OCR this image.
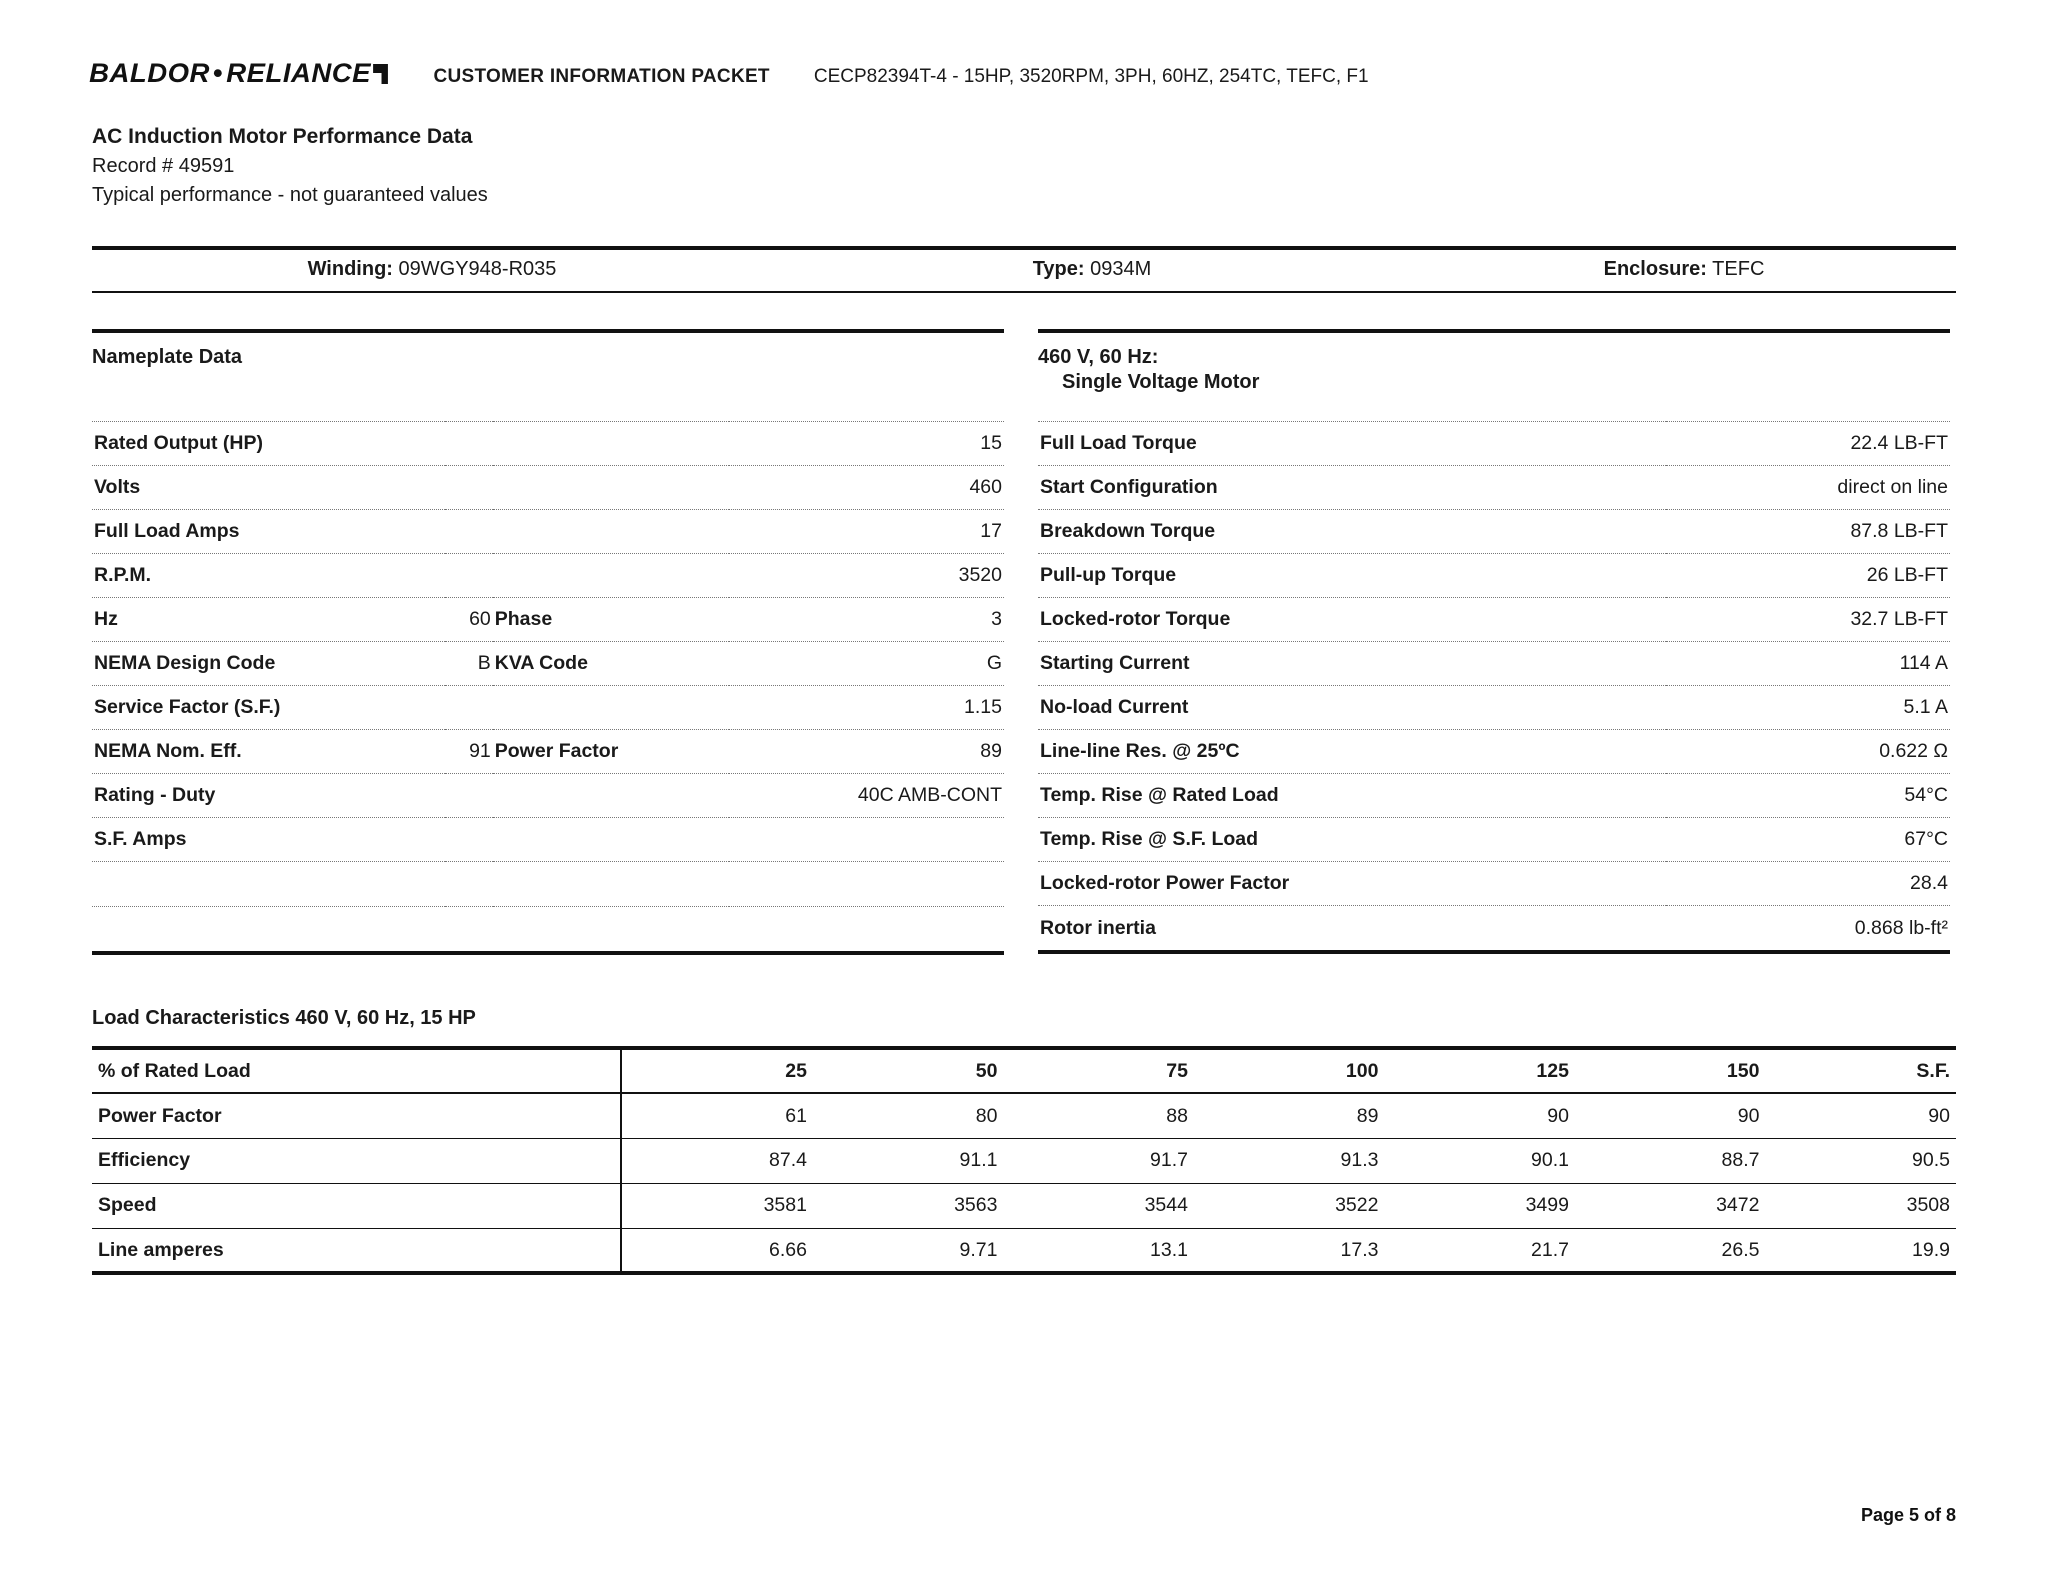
BALDOR • RELIANCE	CUSTOMER INFORMATION PACKET CECP82394T-4 - 15HP, 3520RPM, 3PH, 60HZ, 254TC, TEFC, F1
AC Induction Motor Performance Data
Record # 49591
Typical performance - not guaranteed values
Winding: 09WGY948-R035	Type: 0934M	Enclosure: TEFC
Nameplate Data
Rated Output (HP)			15
Volts			460
Full Load Amps			17
R.P.M.			3520
Hz	60	Phase	3
NEMA Design Code	B	KVA Code	G
Service Factor (S.F.)			1.15
NEMA Nom. Eff.	91	Power Factor	89
Rating - Duty			40C AMB-CONT
S.F. Amps			

460 V, 60 Hz:
Single Voltage Motor
Full Load Torque	22.4 LB-FT
Start Configuration	direct on line
Breakdown Torque	87.8 LB-FT
Pull-up Torque	26 LB-FT
Locked-rotor Torque	32.7 LB-FT
Starting Current	114 A
No-load Current	5.1 A
Line-line Res. @ 25ºC	0.622 Ω
Temp. Rise @ Rated Load	54°C
Temp. Rise @ S.F. Load	67°C
Locked-rotor Power Factor	28.4
Rotor inertia	0.868 lb-ft²
Load Characteristics 460 V, 60 Hz, 15 HP
% of Rated Load	25	50	75	100	125	150	S.F.
Power Factor	61	80	88	89	90	90	90
Efficiency	87.4	91.1	91.7	91.3	90.1	88.7	90.5
Speed	3581	3563	3544	3522	3499	3472	3508
Line amperes	6.66	9.71	13.1	17.3	21.7	26.5	19.9
Page 5 of 8
